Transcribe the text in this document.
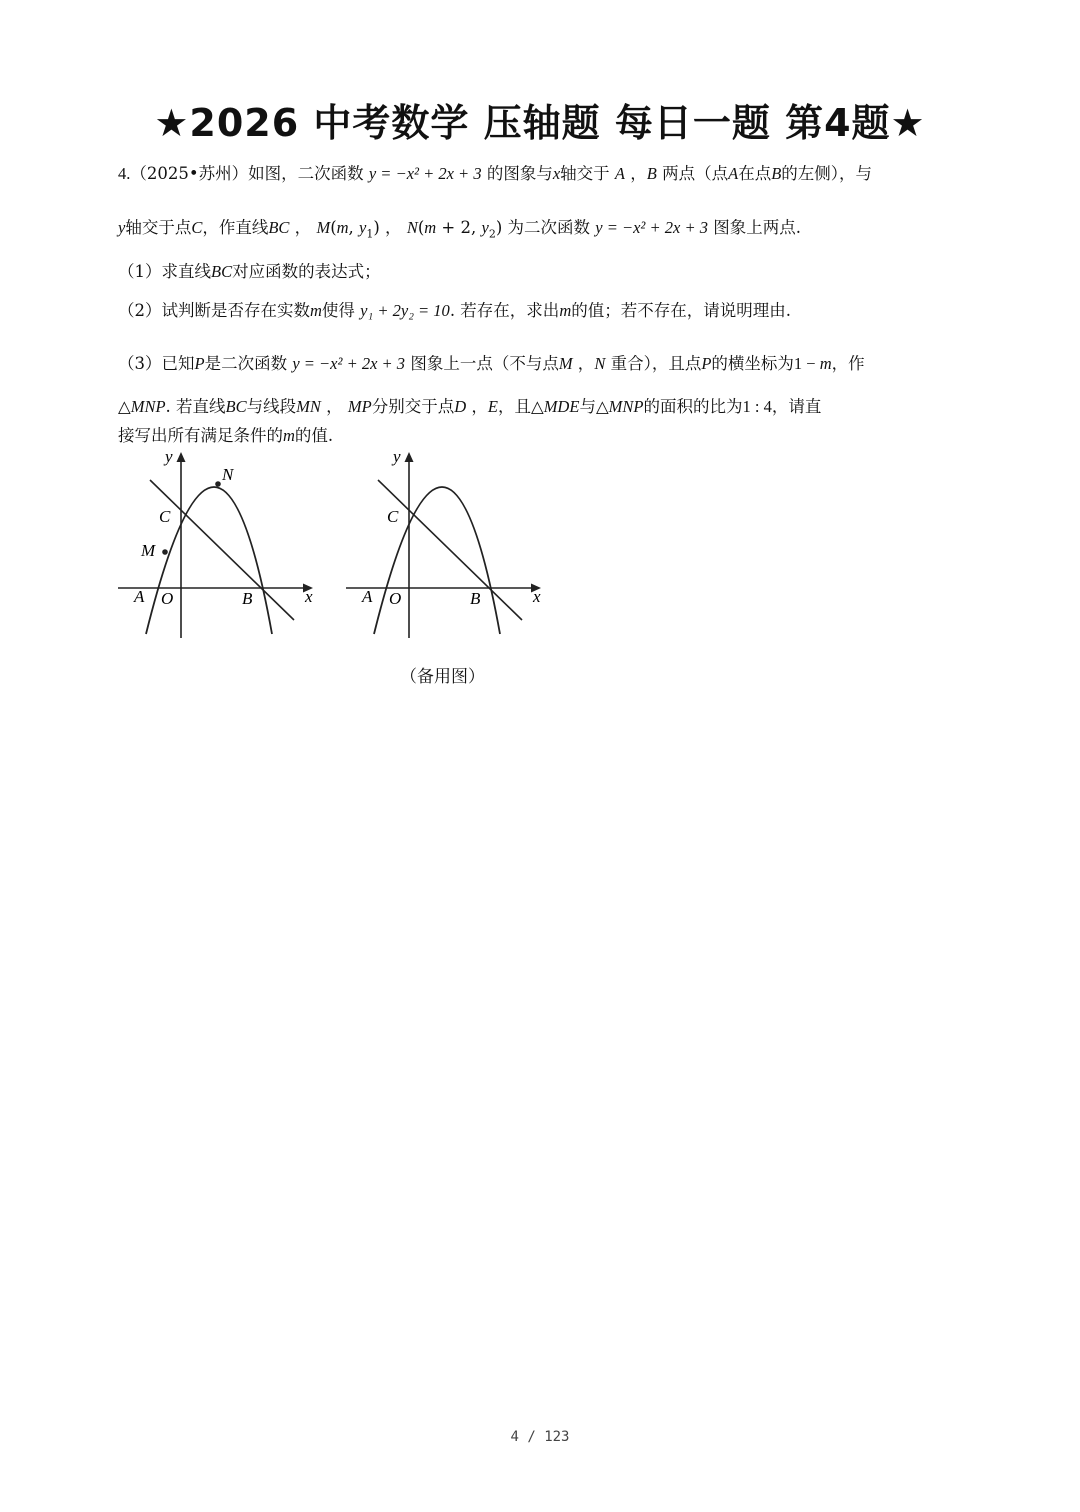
★2026 中考数学 压轴题 每日一题 第4题★
4.（2025•苏州）如图，二次函数 y = −x² + 2x + 3 的图象与x轴交于 A ，B 两点（点A在点B的左侧），与
y轴交于点C，作直线BC ， M(m, $y_1$) ， N(m + 2, $y_2$) 为二次函数 y = −x² + 2x + 3 图象上两点.
（1）求直线BC对应函数的表达式；
（2）试判断是否存在实数m使得 y₁ + 2y₂ = 10. 若存在，求出m的值；若不存在，请说明理由.
（3）已知P是二次函数 y = −x² + 2x + 3 图象上一点（不与点M ，N 重合），且点P的横坐标为1 − m，作
△MNP. 若直线BC与线段MN ， MP分别交于点D ，E，且△MDE与△MNP的面积的比为1 : 4，请直
接写出所有满足条件的m的值.
A O	B	x
y
C
M
N
A O	B	x
y
C
（备用图）
4 / 123
